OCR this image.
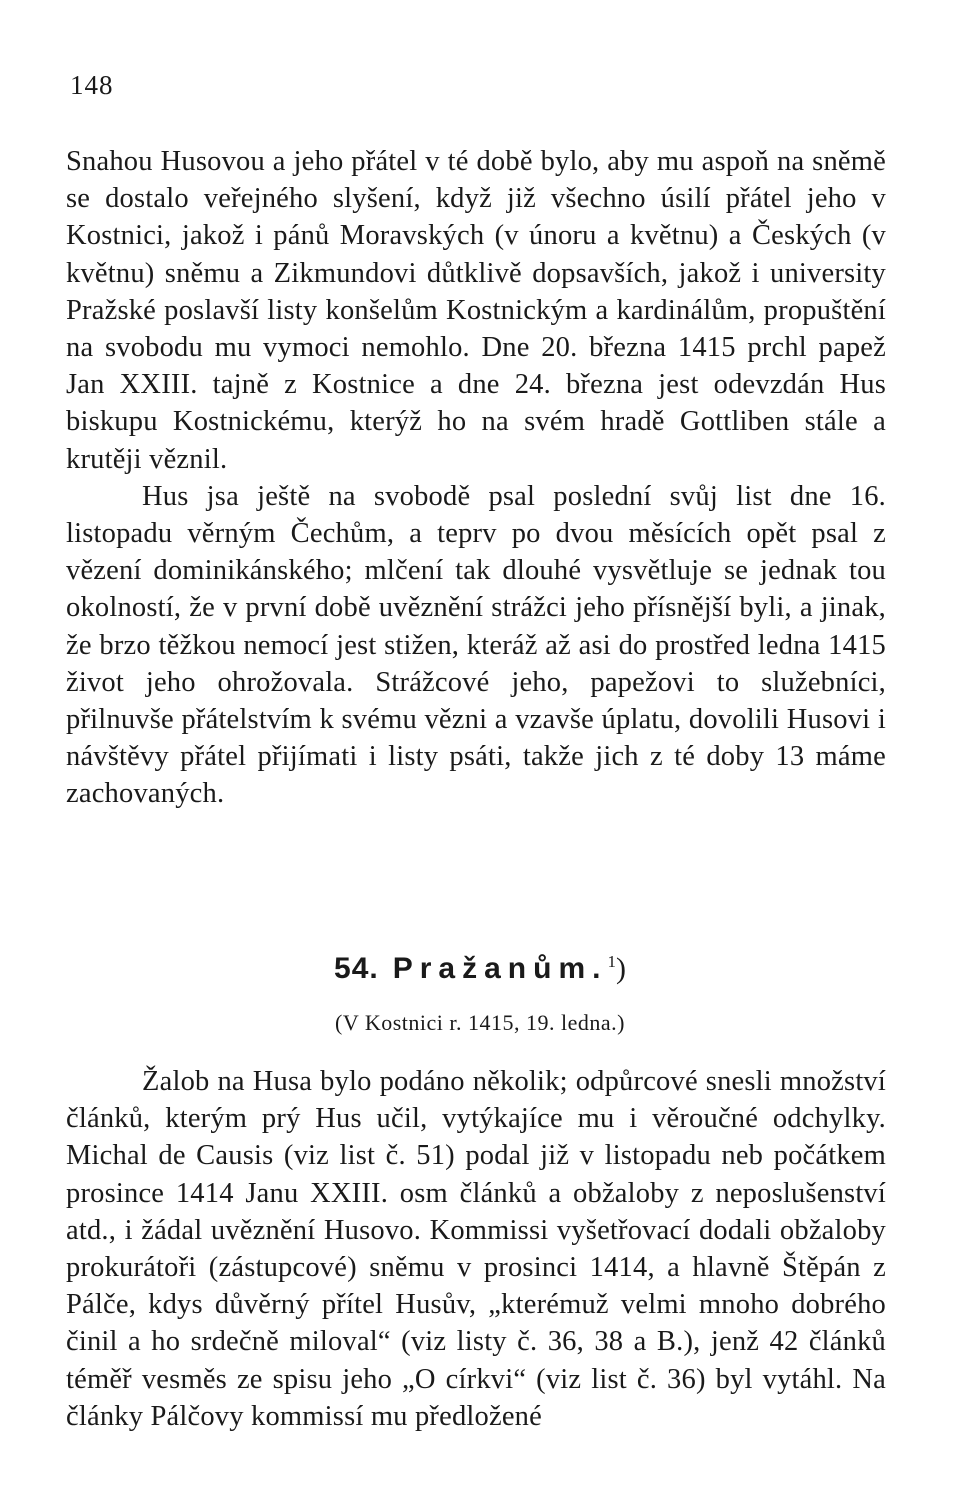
148

Snahou Husovou a jeho přátel v té době bylo, aby mu aspoň na sněmě se dostalo veřejného slyšení, když již všechno úsilí přátel jeho v Kostnici, jakož i pánů Moravských (v únoru a květnu) a Českých (v květnu) sněmu a Zikmundovi důtklivě dopsavších, jakož i university Pražské poslavší listy konšelům Kostnickým a kardinálům, propuštění na svobodu mu vymoci nemohlo. Dne 20. března 1415 prchl papež Jan XXIII. tajně z Kostnice a dne 24. března jest odevzdán Hus biskupu Kostnickému, kterýž ho na svém hradě Gottliben stále a krutěji věznil.

Hus jsa ještě na svobodě psal poslední svůj list dne 16. listopadu věrným Čechům, a teprv po dvou měsících opět psal z vězení dominikánského; mlčení tak dlouhé vysvětluje se jednak tou okolností, že v první době uvěznění strážci jeho přísnější byli, a jinak, že brzo těžkou nemocí jest stižen, kteráž až asi do prostřed ledna 1415 život jeho ohrožovala. Strážcové jeho, papežovi to služebníci, přilnuvše přátelstvím k svému vězni a vzavše úplatu, dovolili Husovi i návštěvy přátel přijímati i listy psáti, takže jich z té doby 13 máme zachovaných.

54. Pražanům.$^1$)

(V Kostnici r. 1415, 19. ledna.)

Žalob na Husa bylo podáno několik; odpůrcové snesli množství článků, kterým prý Hus učil, vytýkajíce mu i věroučné odchylky. Michal de Causis (viz list č. 51) podal již v listopadu neb počátkem prosince 1414 Janu XXIII. osm článků a obžaloby z neposlušenství atd., i žádal uvěznění Husovo. Kommissi vyšetřovací dodali obžaloby prokurátoři (zástupcové) sněmu v prosinci 1414, a hlavně Štěpán z Pálče, kdys důvěrný přítel Husův, „kterémuž velmi mnoho dobrého činil a ho srdečně miloval“ (viz listy č. 36, 38 a B.), jenž 42 článků téměř vesměs ze spisu jeho „O církvi“ (viz list č. 36) byl vytáhl. Na články Pálčovy kommissí mu předložené
